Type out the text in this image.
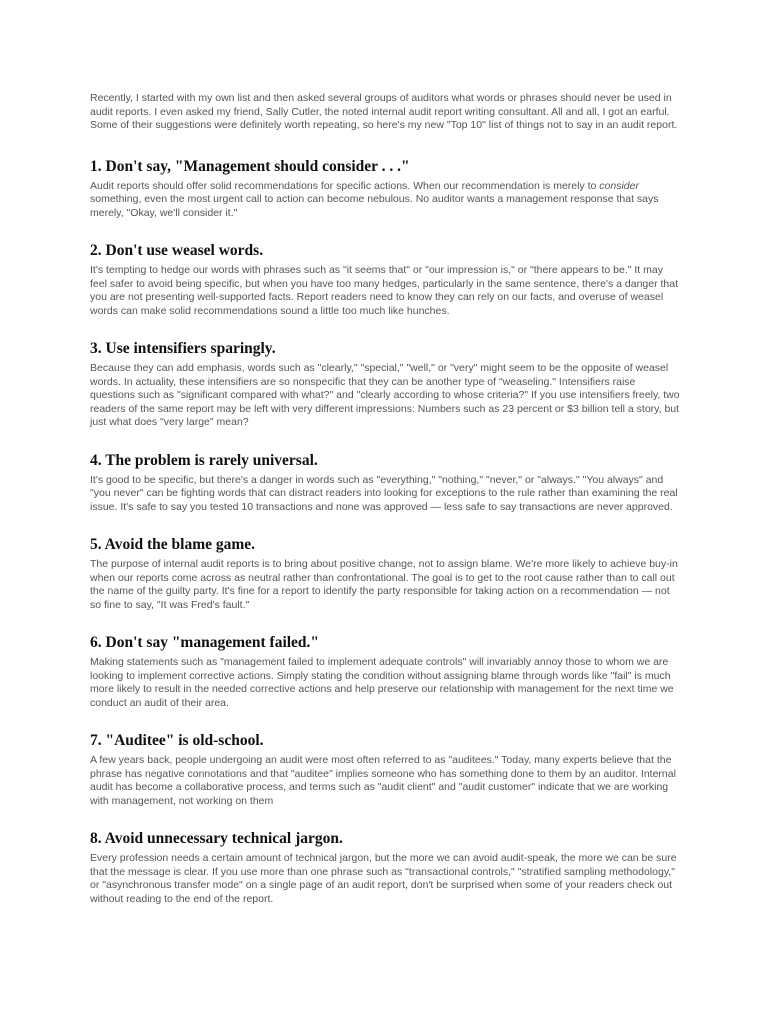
Recently, I started with my own list and then asked several groups of auditors what words or phrases should never be used in audit reports. I even asked my friend, Sally Cutler, the noted internal audit report writing consultant. All and all, I got an earful. Some of their suggestions were definitely worth repeating, so here's my new "Top 10" list of things not to say in an audit report.

1. Don't say, "Management should consider . . ."

Audit reports should offer solid recommendations for specific actions. When our recommendation is merely to consider something, even the most urgent call to action can become nebulous. No auditor wants a management response that says merely, "Okay, we'll consider it."

2. Don't use weasel words.

It's tempting to hedge our words with phrases such as "it seems that" or "our impression is," or "there appears to be." It may feel safer to avoid being specific, but when you have too many hedges, particularly in the same sentence, there's a danger that you are not presenting well-supported facts. Report readers need to know they can rely on our facts, and overuse of weasel words can make solid recommendations sound a little too much like hunches.

3. Use intensifiers sparingly.

Because they can add emphasis, words such as "clearly," "special," "well," or "very" might seem to be the opposite of weasel words. In actuality, these intensifiers are so nonspecific that they can be another type of "weaseling." Intensifiers raise questions such as "significant compared with what?" and "clearly according to whose criteria?" If you use intensifiers freely, two readers of the same report may be left with very different impressions: Numbers such as 23 percent or $3 billion tell a story, but just what does "very large" mean?

4. The problem is rarely universal.

It's good to be specific, but there's a danger in words such as "everything," "nothing," "never," or "always." "You always" and "you never" can be fighting words that can distract readers into looking for exceptions to the rule rather than examining the real issue. It's safe to say you tested 10 transactions and none was approved — less safe to say transactions are never approved.

5. Avoid the blame game.

The purpose of internal audit reports is to bring about positive change, not to assign blame. We're more likely to achieve buy-in when our reports come across as neutral rather than confrontational. The goal is to get to the root cause rather than to call out the name of the guilty party. It's fine for a report to identify the party responsible for taking action on a recommendation — not so fine to say, "It was Fred's fault."

6. Don't say "management failed."

Making statements such as "management failed to implement adequate controls" will invariably annoy those to whom we are looking to implement corrective actions. Simply stating the condition without assigning blame through words like "fail" is much more likely to result in the needed corrective actions and help preserve our relationship with management for the next time we conduct an audit of their area.

7. "Auditee" is old-school.

A few years back, people undergoing an audit were most often referred to as "auditees." Today, many experts believe that the phrase has negative connotations and that "auditee" implies someone who has something done to them by an auditor. Internal audit has become a collaborative process, and terms such as "audit client" and "audit customer" indicate that we are working with management, not working on them

8. Avoid unnecessary technical jargon.

Every profession needs a certain amount of technical jargon, but the more we can avoid audit-speak, the more we can be sure that the message is clear. If you use more than one phrase such as "transactional controls," "stratified sampling methodology," or "asynchronous transfer mode" on a single page of an audit report, don't be surprised when some of your readers check out without reading to the end of the report.
